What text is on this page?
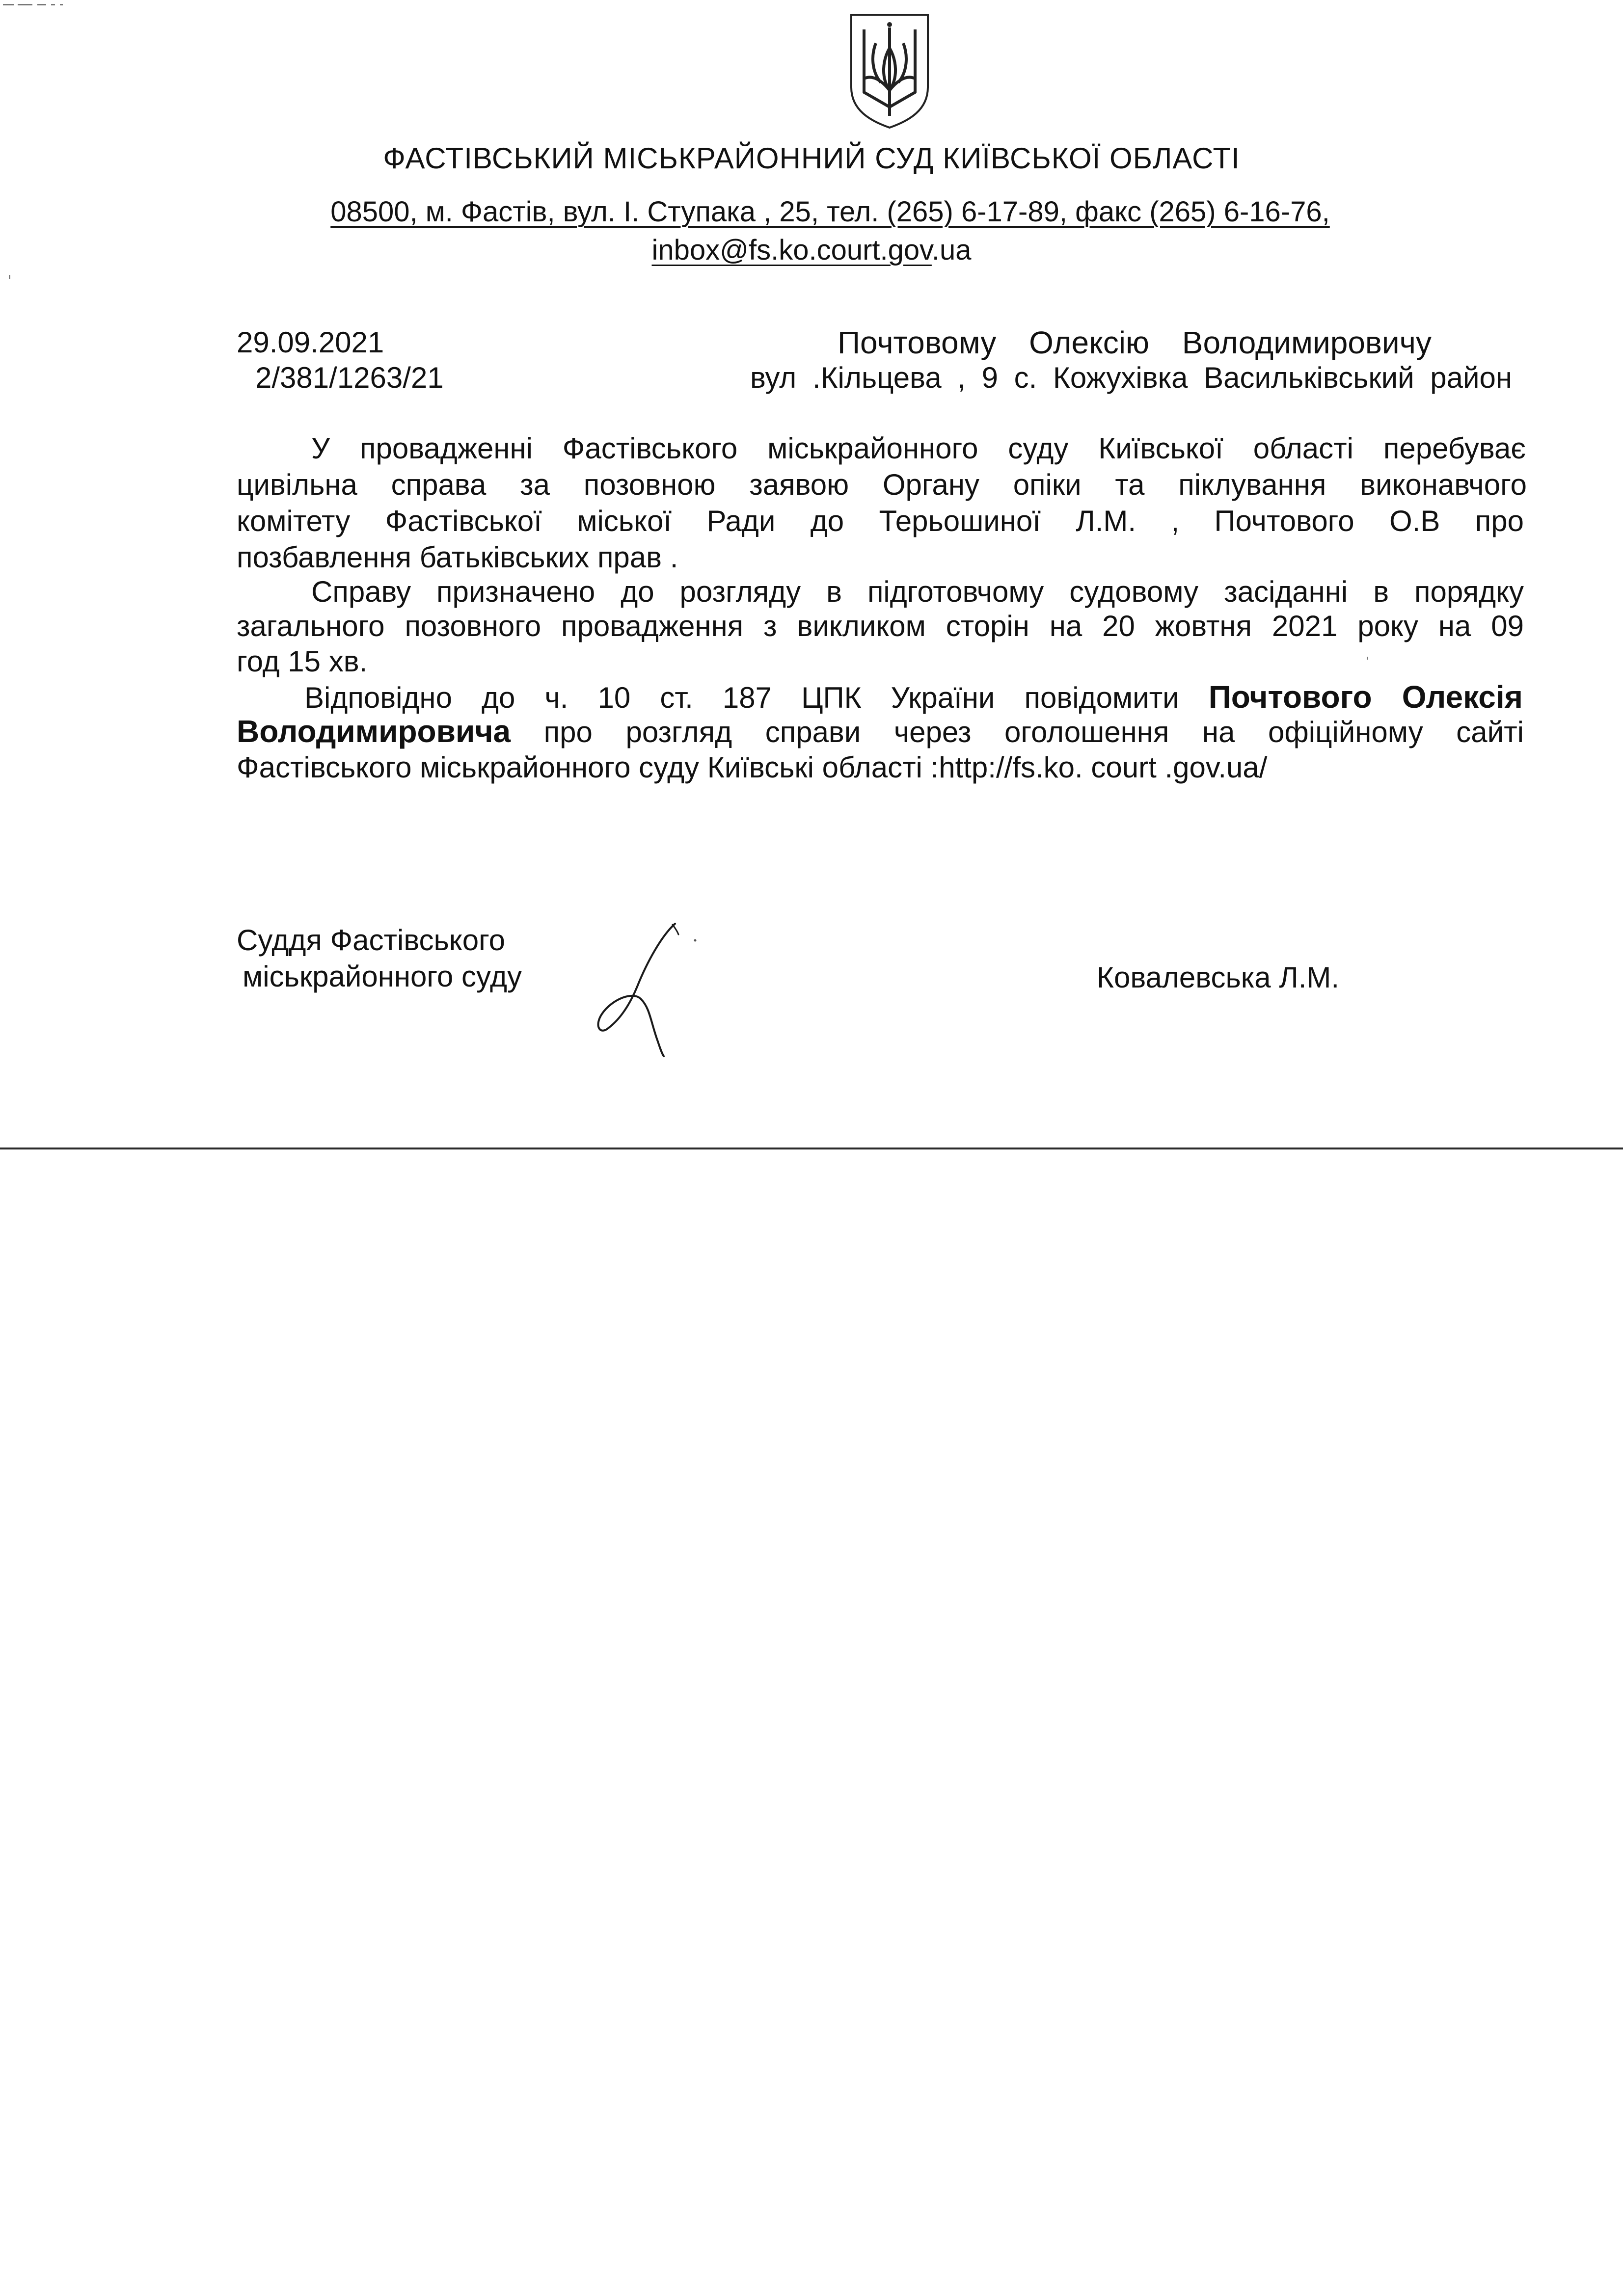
ФАСТІВСЬКИЙ МІСЬКРАЙОННИЙ СУД КИЇВСЬКОЇ ОБЛАСТІ
08500, м. Фастів, вул. І. Ступака , 25, тел. (265) 6-17-89, факс (265) 6-16-76,
inbox@fs.ko.court.gov.ua
29.09.2021
2/381/1263/21
Почтовому Олексію Володимировичу
вул .Кільцева , 9 с. Кожухівка Васильківський район
У провадженні Фастівського міськрайонного суду Київської області перебуває
цивільна справа за позовною заявою Органу опіки та піклування виконавчого
комітету Фастівської міської Ради до Терьошиної Л.М. , Почтового О.В про
позбавлення батьківських прав .
Справу призначено до розгляду в підготовчому судовому засіданні в порядку
загального позовного провадження з викликом сторін на 20 жовтня 2021 року на 09
год 15 хв.
Відповідно до ч. 10 ст. 187 ЦПК України повідомити Почтового Олексія
Володимировича про розгляд справи через оголошення на офіційному сайті
Фастівського міськрайонного суду Київські області :http://fs.ko. court .gov.ua/
Суддя Фастівського
міськрайонного суду	Ковалевська Л.М.
